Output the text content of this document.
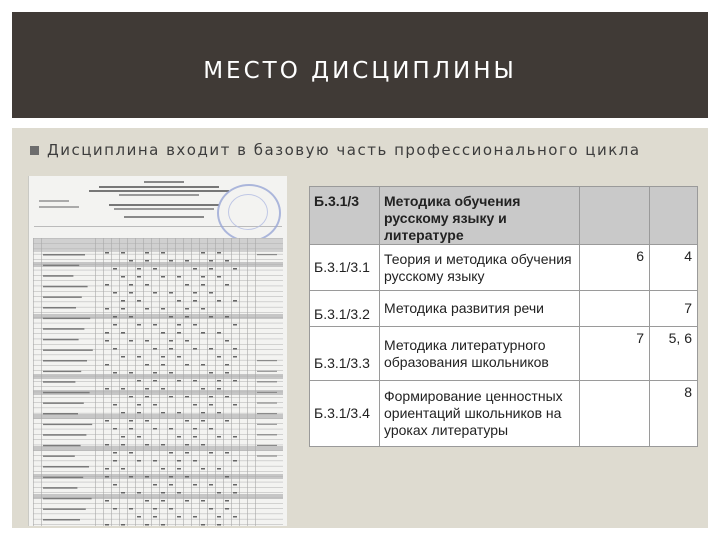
МЕСТО ДИСЦИПЛИНЫ
Дисциплина входит в базовую часть профессионального цикла
Б.3.1/3	Методика обучения русскому языку и литературе		
Б.3.1/3.1	Теория и методика обучения русскому языку	6	4
Б.3.1/3.2	Методика развития речи		7
Б.3.1/3.3	Методика литературного образования школьников	7	5, 6
Б.3.1/3.4	Формирование ценностных ориентаций школьников на уроках литературы		8
